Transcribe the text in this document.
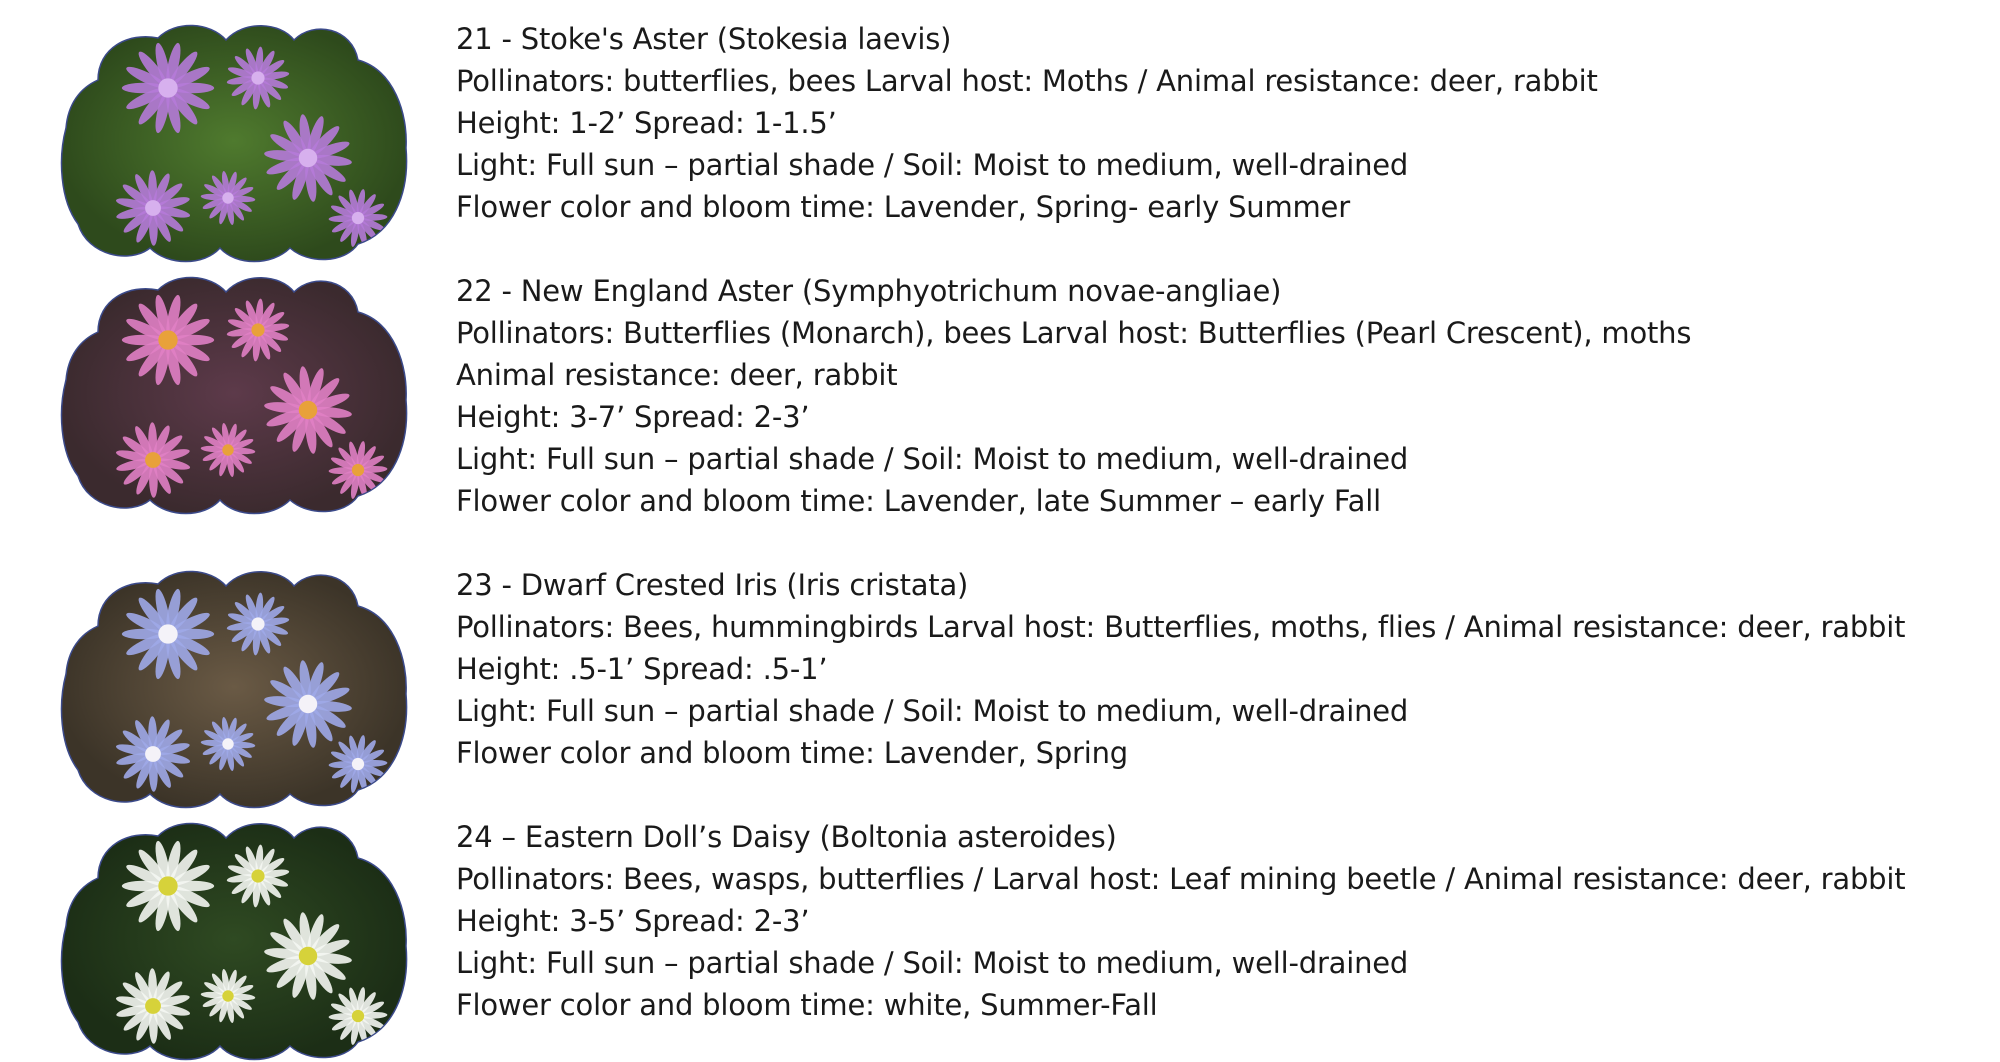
21 - Stoke's Aster (Stokesia laevis)
Pollinators: butterflies, bees Larval host: Moths / Animal resistance: deer, rabbit
Height: 1-2’ Spread: 1-1.5’
Light: Full sun – partial shade / Soil: Moist to medium, well-drained
Flower color and bloom time: Lavender, Spring- early Summer
22 - New England Aster (Symphyotrichum novae-angliae)
Pollinators: Butterflies (Monarch), bees Larval host: Butterflies (Pearl Crescent), moths
Animal resistance: deer, rabbit
Height: 3-7’ Spread: 2-3’
Light: Full sun – partial shade / Soil: Moist to medium, well-drained
Flower color and bloom time: Lavender, late Summer – early Fall
23 - Dwarf Crested Iris (Iris cristata)
Pollinators: Bees, hummingbirds Larval host: Butterflies, moths, flies / Animal resistance: deer, rabbit
Height: .5-1’ Spread: .5-1’
Light: Full sun – partial shade / Soil: Moist to medium, well-drained
Flower color and bloom time: Lavender, Spring
24 – Eastern Doll’s Daisy (Boltonia asteroides)
Pollinators: Bees, wasps, butterflies / Larval host: Leaf mining beetle / Animal resistance: deer, rabbit
Height: 3-5’ Spread: 2-3’
Light: Full sun – partial shade / Soil: Moist to medium, well-drained
Flower color and bloom time: white, Summer-Fall
